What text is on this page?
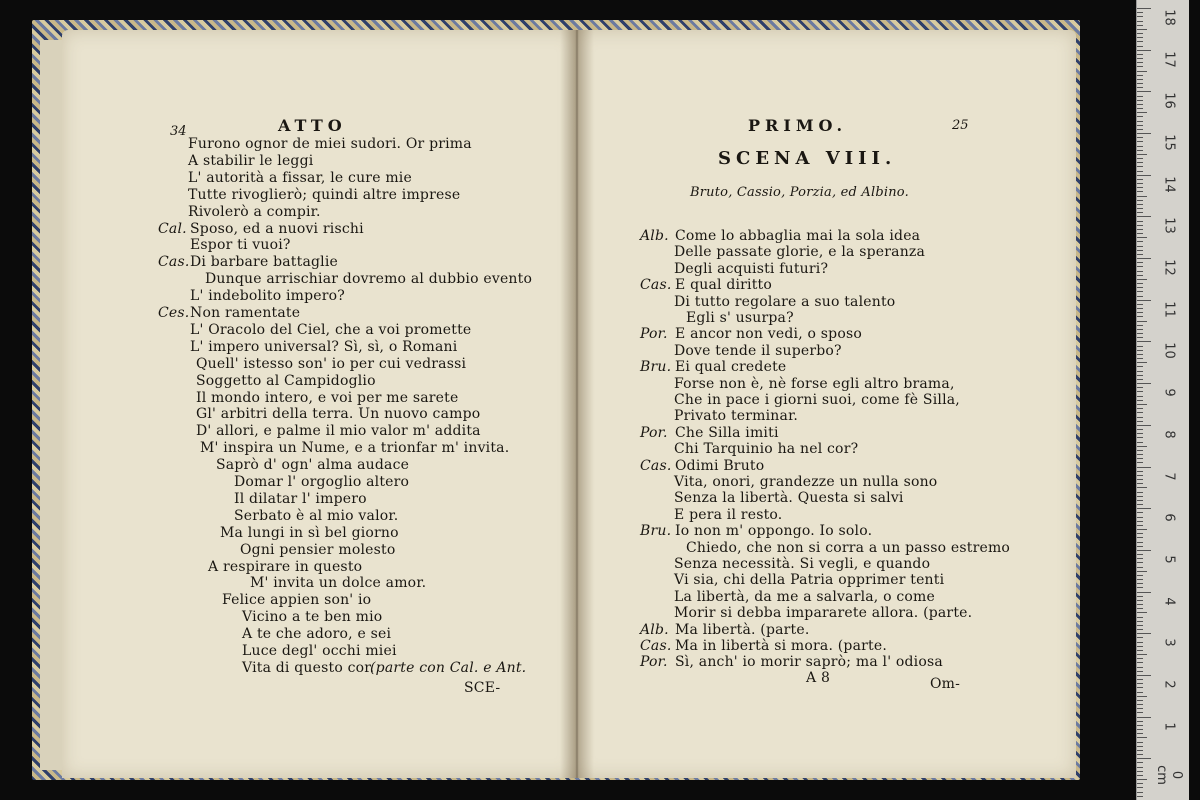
34	ATTO
Furono ognor de miei sudori. Or prima
A stabilir le leggi
L' autorità a fissar, le cure mie
Tutte rivoglierò; quindi altre imprese
Rivolerò a compir.
Cal. Sposo, ed a nuovi rischi
Espor ti vuoi?
Cas. Di barbare battaglie
Dunque arrischiar dovremo al dubbio evento
L' indebolito impero?
Ces. Non ramentate
L' Oracolo del Ciel, che a voi promette
L' impero universal? Sì, sì, o Romani
Quell' istesso son' io per cui vedrassi
Soggetto al Campidoglio
Il mondo intero, e voi per me sarete
Gl' arbitri della terra. Un nuovo campo
D' allori, e palme il mio valor m' addita
M' inspira un Nume, e a trionfar m' invita.
Saprò d' ogn' alma audace
Domar l' orgoglio altero
Il dilatar l' impero
Serbato è al mio valor.
Ma lungi in sì bel giorno
Ogni pensier molesto
A respirare in questo
M' invita un dolce amor.
Felice appien son' io
Vicino a te ben mio
A te che adoro, e sei
Luce degl' occhi miei
Vita di questo cor.
(parte con Cal. e Ant.
SCE-
PRIMO.	25
SCENA VIII.
Bruto, Cassio, Porzia, ed Albino.
Alb. Come lo abbaglia mai la sola idea
Delle passate glorie, e la speranza
Degli acquisti futuri?
Cas. E qual diritto
Di tutto regolare a suo talento
Egli s' usurpa?
Por. E ancor non vedi, o sposo
Dove tende il superbo?
Bru. Ei qual credete
Forse non è, nè forse egli altro brama,
Che in pace i giorni suoi, come fè Silla,
Privato terminar.
Por. Che Silla imiti
Chi Tarquinio ha nel cor?
Cas. Odimi Bruto
Vita, onori, grandezze un nulla sono
Senza la libertà. Questa si salvi
E pera il resto.
Bru. Io non m' oppongo. Io solo.
Chiedo, che non si corra a un passo estremo
Senza necessità. Si vegli, e quando
Vi sia, chi della Patria opprimer tenti
La libertà, da me a salvarla, o come
Morir si debba impararete allora. (parte.
Alb. Ma libertà. (parte.
Cas. Ma in libertà si mora. (parte.
Por. Sì, anch' io morir saprò; ma l' odiosa
A 8	Om-
18
17
16
15
14
13
12
11
10
9
8
7
6
5
4
3
2
1
0 cm
